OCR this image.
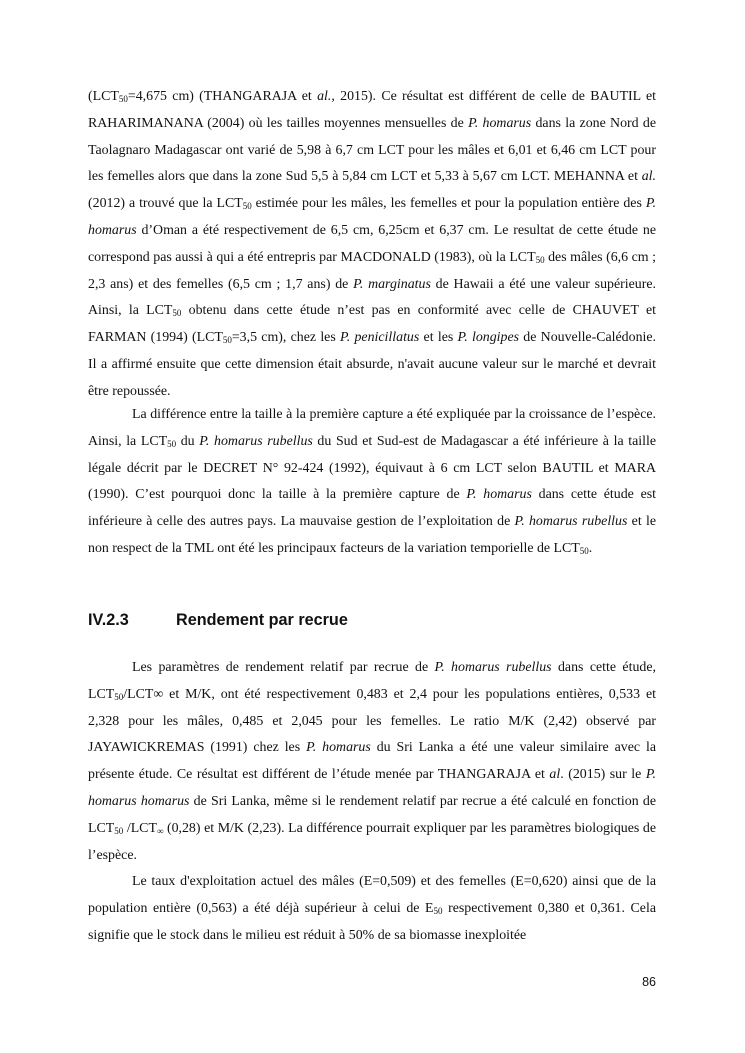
($LCT_{50}=4,675$ cm) (THANGARAJA et al., 2015). Ce résultat est différent de celle de BAUTIL et RAHARIMANANA (2004) où les tailles moyennes mensuelles de P. homarus dans la zone Nord de Taolagnaro Madagascar ont varié de 5,98 à 6,7 cm LCT pour les mâles et 6,01 et 6,46 cm LCT pour les femelles alors que dans la zone Sud 5,5 à 5,84 cm LCT et 5,33 à 5,67 cm LCT. MEHANNA et al. (2012) a trouvé que la $LCT_{50}$ estimée pour les mâles, les femelles et pour la population entière des P. homarus d’Oman a été respectivement de 6,5 cm, 6,25cm et 6,37 cm. Le resultat de cette étude ne correspond pas aussi à qui a été entrepris par MACDONALD (1983), où la $LCT_{50}$ des mâles (6,6 cm ; 2,3 ans) et des femelles (6,5 cm ; 1,7 ans) de P. marginatus de Hawaii a été une valeur supérieure. Ainsi, la $LCT_{50}$ obtenu dans cette étude n’est pas en conformité avec celle de CHAUVET et FARMAN (1994) ($LCT_{50}=3,5$ cm), chez les P. penicillatus et les P. longipes de Nouvelle-Calédonie. Il a affirmé ensuite que cette dimension était absurde, n'avait aucune valeur sur le marché et devrait être repoussée.

La différence entre la taille à la première capture a été expliquée par la croissance de l’espèce. Ainsi, la $LCT_{50}$ du P. homarus rubellus du Sud et Sud-est de Madagascar a été inférieure à la taille légale décrit par le DECRET N° 92-424 (1992), équivaut à 6 cm LCT selon BAUTIL et MARA (1990). C’est pourquoi donc la taille à la première capture de P. homarus dans cette étude est inférieure à celle des autres pays. La mauvaise gestion de l’exploitation de P. homarus rubellus et le non respect de la TML ont été les principaux facteurs de la variation temporielle de $LCT_{50}$.

IV.2.3	Rendement par recrue

Les paramètres de rendement relatif par recrue de P. homarus rubellus dans cette étude, $LCT_{50}/LCT\infty$ et M/K, ont été respectivement 0,483 et 2,4 pour les populations entières, 0,533 et 2,328 pour les mâles, 0,485 et 2,045 pour les femelles. Le ratio M/K (2,42) observé par JAYAWICKREMAS (1991) chez les P. homarus du Sri Lanka a été une valeur similaire avec la présente étude. Ce résultat est différent de l’étude menée par THANGARAJA et al. (2015) sur le P. homarus homarus de Sri Lanka, même si le rendement relatif par recrue a été calculé en fonction de $LCT_{50}$ $/LCT_\infty$ (0,28) et M/K (2,23). La différence pourrait expliquer par les paramètres biologiques de l’espèce.

Le taux d'exploitation actuel des mâles (E=0,509) et des femelles (E=0,620) ainsi que de la population entière (0,563) a été déjà supérieur à celui de $E_{50}$ respectivement 0,380 et 0,361. Cela signifie que le stock dans le milieu est réduit à 50% de sa biomasse inexploitée

86
